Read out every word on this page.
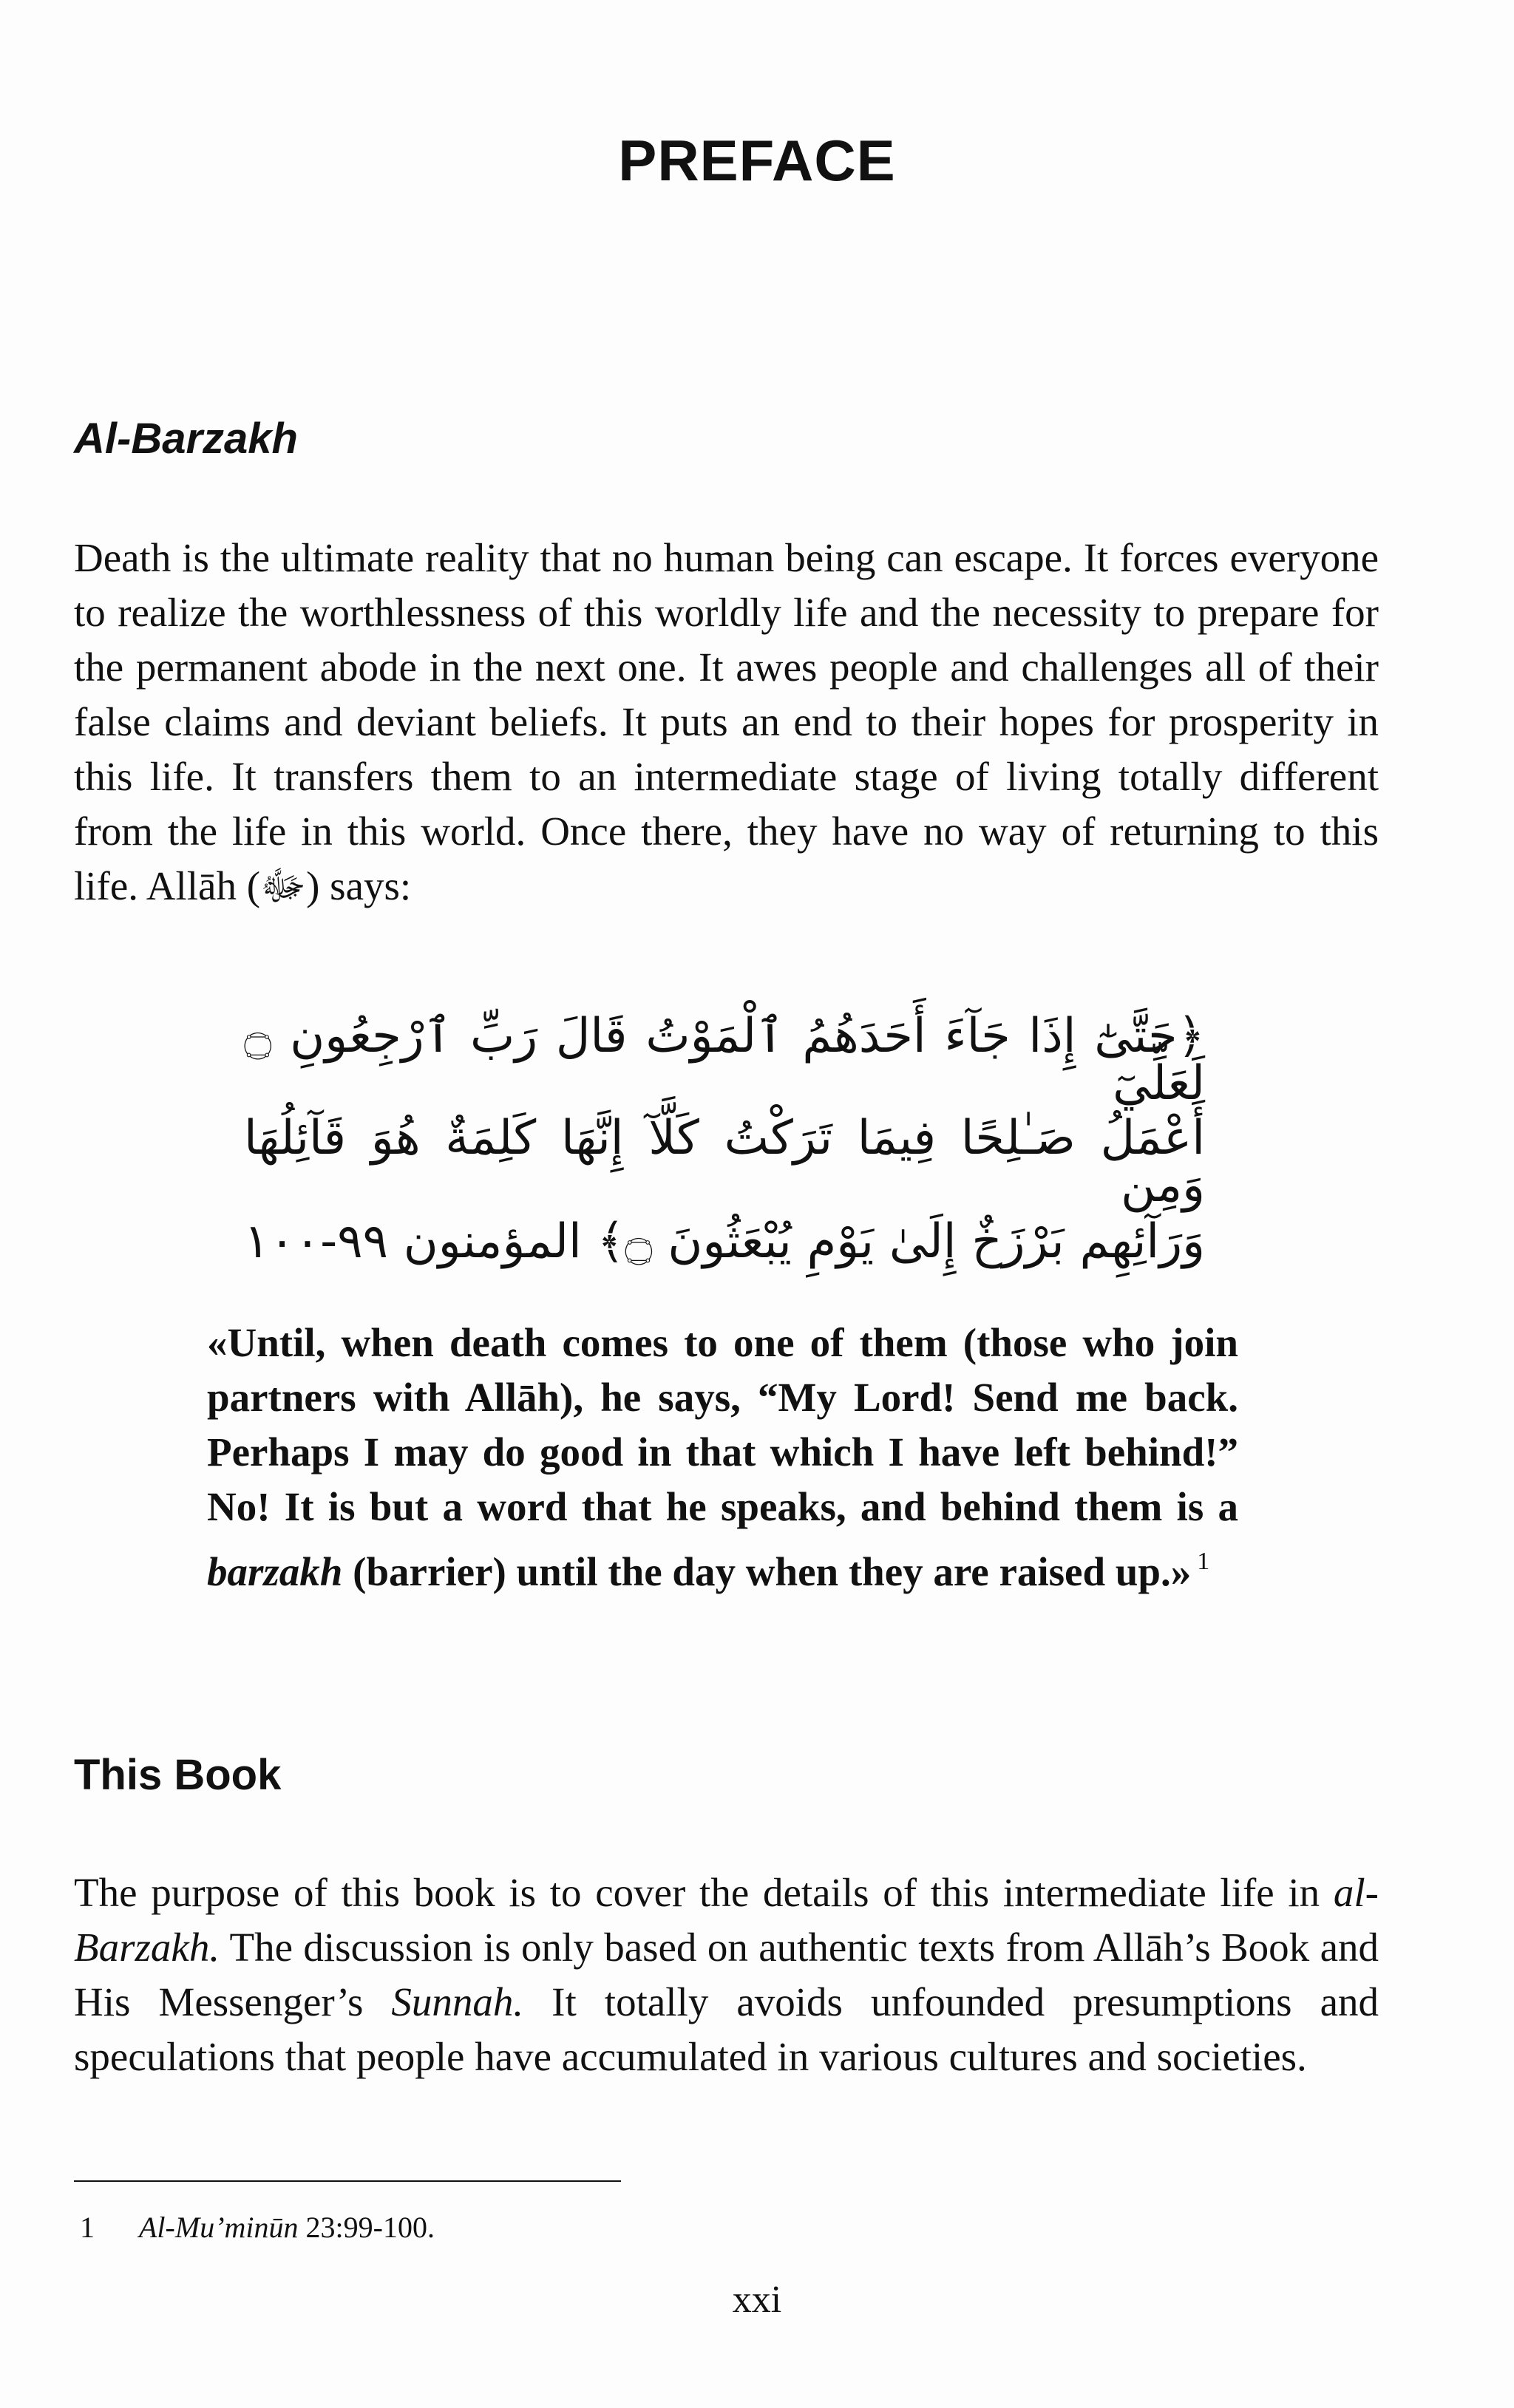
PREFACE
Al-Barzakh

Death is the ultimate reality that no human being can escape. It forces everyone to realize the worthlessness of this worldly life and the necessity to prepare for the permanent abode in the next one. It awes people and challenges all of their false claims and deviant beliefs. It puts an end to their hopes for prosperity in this life. It transfers them to an intermediate stage of living totally different from the life in this world. Once there, they have no way of returning to this life. Allāh (ﷻ) says:

﴿حَتَّىٰٓ إِذَا جَآءَ أَحَدَهُمُ ٱلْمَوْتُ قَالَ رَبِّ ٱرْجِعُونِ ۝ لَعَلِّيٓ

أَعْمَلُ صَـٰلِحًا فِيمَا تَرَكْتُ كَلَّآ إِنَّهَا كَلِمَةٌ هُوَ قَآئِلُهَا وَمِن

وَرَآئِهِم بَرْزَخٌ إِلَىٰ يَوْمِ يُبْعَثُونَ ۝﴾ المؤمنون ٩٩-١٠٠

«Until, when death comes to one of them (those who join partners with Allāh), he says, “My Lord! Send me back. Perhaps I may do good in that which I have left behind!” No! It is but a word that he speaks, and behind them is a barzakh (barrier) until the day when they are raised up.» $^1$

This Book

The purpose of this book is to cover the details of this intermediate life in al-Barzakh. The discussion is only based on authentic texts from Allāh’s Book and His Messenger’s Sunnah. It totally avoids unfounded presumptions and speculations that people have accumulated in various cultures and societies.

1 Al-Mu’minūn 23:99-100.

xxi
